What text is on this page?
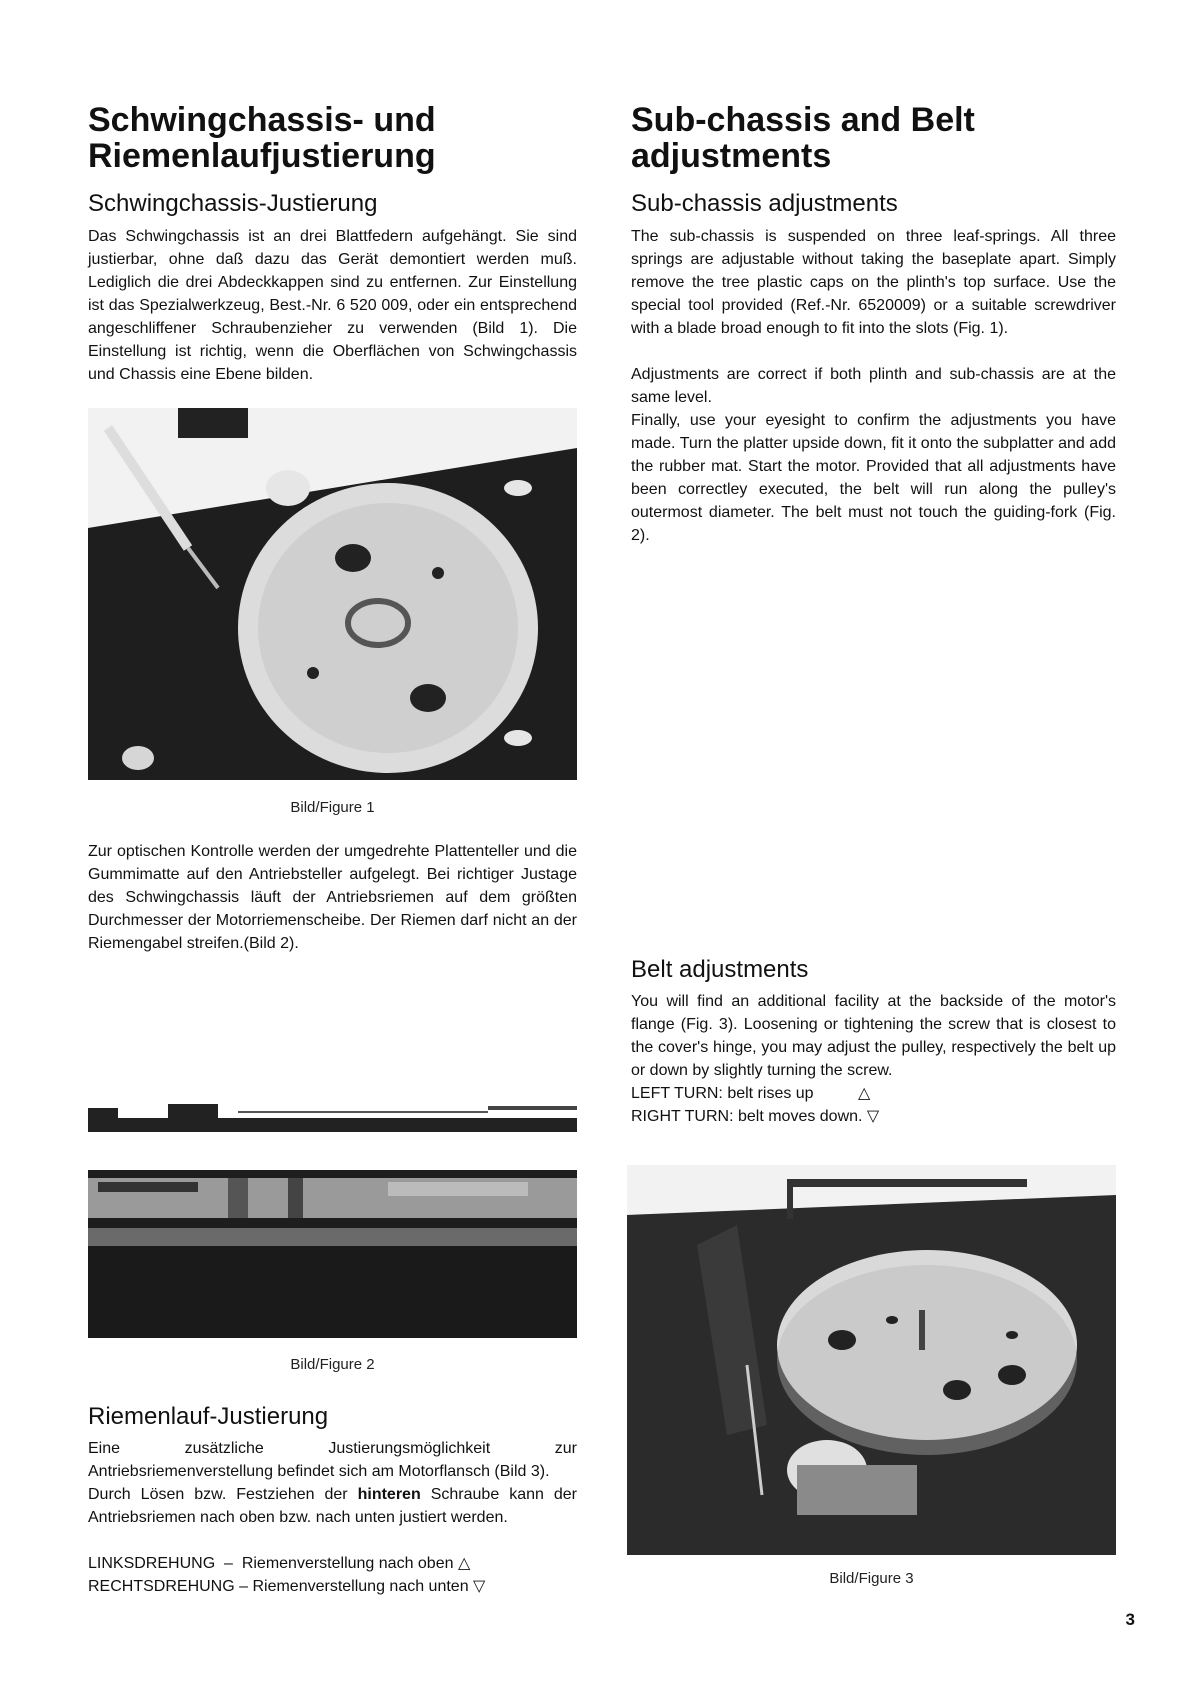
Schwingchassis- und Riemenlaufjustierung
Schwingchassis-Justierung

Das Schwingchassis ist an drei Blattfedern aufgehängt. Sie sind justierbar, ohne daß dazu das Gerät demontiert werden muß. Lediglich die drei Abdeckkappen sind zu entfernen. Zur Einstellung ist das Spezialwerkzeug, Best.-Nr. 6 520 009, oder ein entsprechend angeschliffener Schraubenzieher zu verwenden (Bild 1). Die Einstellung ist richtig, wenn die Oberflächen von Schwingchassis und Chassis eine Ebene bilden.

Bild/Figure 1

Zur optischen Kontrolle werden der umgedrehte Plattenteller und die Gummimatte auf den Antriebsteller aufgelegt. Bei richtiger Justage des Schwingchassis läuft der Antriebsriemen auf dem größten Durchmesser der Motorriemenscheibe. Der Riemen darf nicht an der Riemengabel streifen.(Bild 2).

Bild/Figure 2
Riemenlauf-Justierung

Eine zusätzliche Justierungsmöglichkeit zur Antriebsriemenverstellung befindet sich am Motorflansch (Bild 3).

Durch Lösen bzw. Festziehen der hinteren Schraube kann der Antriebsriemen nach oben bzw. nach unten justiert werden.

LINKSDREHUNG  –  Riemenverstellung nach oben △
RECHTSDREHUNG – Riemenverstellung nach unten ▽
Sub-chassis and Belt adjustments
Sub-chassis adjustments

The sub-chassis is suspended on three leaf-springs. All three springs are adjustable without taking the baseplate apart. Simply remove the tree plastic caps on the plinth's top surface. Use the special tool provided (Ref.-Nr. 6520009) or a suitable screwdriver with a blade broad enough to fit into the slots (Fig. 1).

Adjustments are correct if both plinth and sub-chassis are at the same level.

Finally, use your eyesight to confirm the adjustments you have made. Turn the platter upside down, fit it onto the subplatter and add the rubber mat. Start the motor. Provided that all adjustments have been correctley executed, the belt will run along the pulley's outermost diameter. The belt must not touch the guiding-fork (Fig. 2).

Belt adjustments

You will find an additional facility at the backside of the motor's flange (Fig. 3). Loosening or tightening the screw that is closest to the cover's hinge, you may adjust the pulley, respectively the belt up or down by slightly turning the screw.

LEFT TURN: belt rises up          △
RIGHT TURN: belt moves down. ▽
Bild/Figure 3
3
